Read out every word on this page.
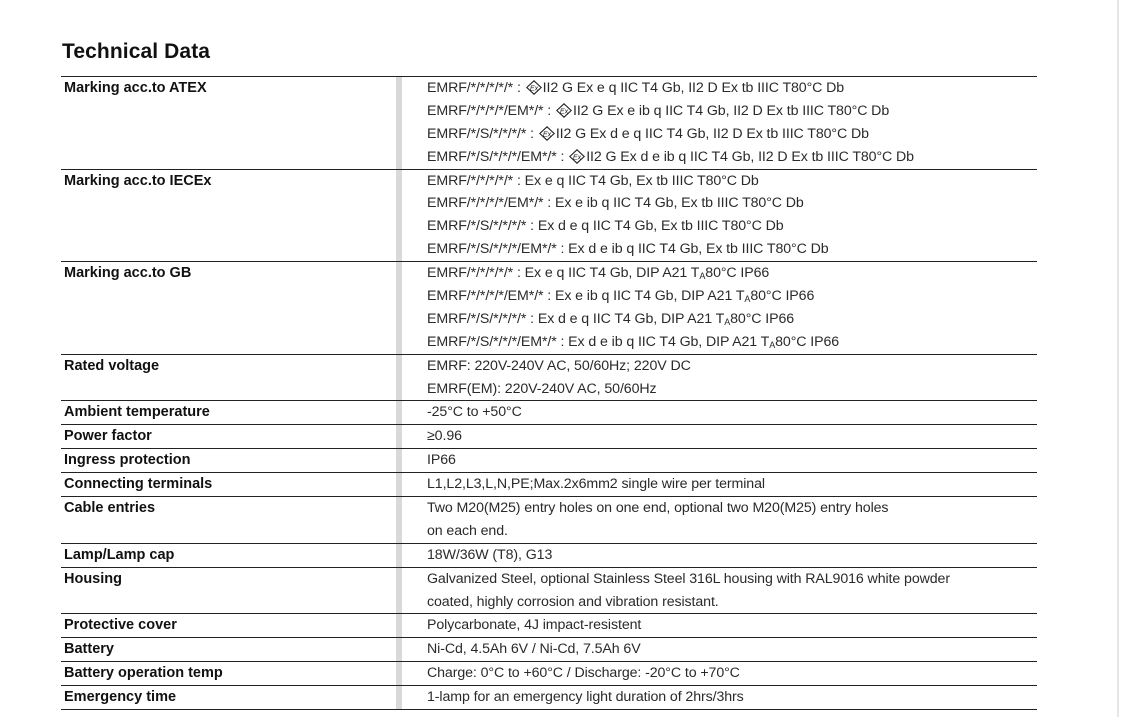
Technical Data
Marking acc.to ATEX	EMRF/*/*/*/*/* : II2 G Ex e q IIC T4 Gb, II2 D Ex tb IIIC T80°C Db
EMRF/*/*/*/*/EM*/* : II2 G Ex e ib q IIC T4 Gb, II2 D Ex tb IIIC T80°C Db
EMRF/*/S/*/*/*/* : II2 G Ex d e q IIC T4 Gb, II2 D Ex tb IIIC T80°C Db
EMRF/*/S/*/*/*/EM*/* : II2 G Ex d e ib q IIC T4 Gb, II2 D Ex tb IIIC T80°C Db
Marking acc.to IECEx	EMRF/*/*/*/*/* : Ex e q IIC T4 Gb, Ex tb IIIC T80°C Db
EMRF/*/*/*/*/EM*/* : Ex e ib q IIC T4 Gb, Ex tb IIIC T80°C Db
EMRF/*/S/*/*/*/* : Ex d e q IIC T4 Gb, Ex tb IIIC T80°C Db
EMRF/*/S/*/*/*/EM*/* : Ex d e ib q IIC T4 Gb, Ex tb IIIC T80°C Db
Marking acc.to GB	EMRF/*/*/*/*/* : Ex e q IIC T4 Gb, DIP A21 TA80°C IP66
EMRF/*/*/*/*/EM*/* : Ex e ib q IIC T4 Gb, DIP A21 TA80°C IP66
EMRF/*/S/*/*/*/* : Ex d e q IIC T4 Gb, DIP A21 TA80°C IP66
EMRF/*/S/*/*/*/EM*/* : Ex d e ib q IIC T4 Gb, DIP A21 TA80°C IP66
Rated voltage	EMRF: 220V-240V AC, 50/60Hz; 220V DC
EMRF(EM): 220V-240V AC, 50/60Hz
Ambient temperature	-25°C to +50°C
Power factor	≥0.96
Ingress protection	IP66
Connecting terminals	L1,L2,L3,L,N,PE;Max.2x6mm2 single wire per terminal
Cable entries	Two M20(M25) entry holes on one end, optional two M20(M25) entry holes
on each end.
Lamp/Lamp cap	18W/36W (T8), G13
Housing	Galvanized Steel, optional Stainless Steel 316L housing with RAL9016 white powder
coated, highly corrosion and vibration resistant.
Protective cover	Polycarbonate, 4J impact-resistent
Battery	Ni-Cd, 4.5Ah 6V / Ni-Cd, 7.5Ah 6V
Battery operation temp	Charge: 0°C to +60°C / Discharge: -20°C to +70°C
Emergency time	1-lamp for an emergency light duration of 2hrs/3hrs
